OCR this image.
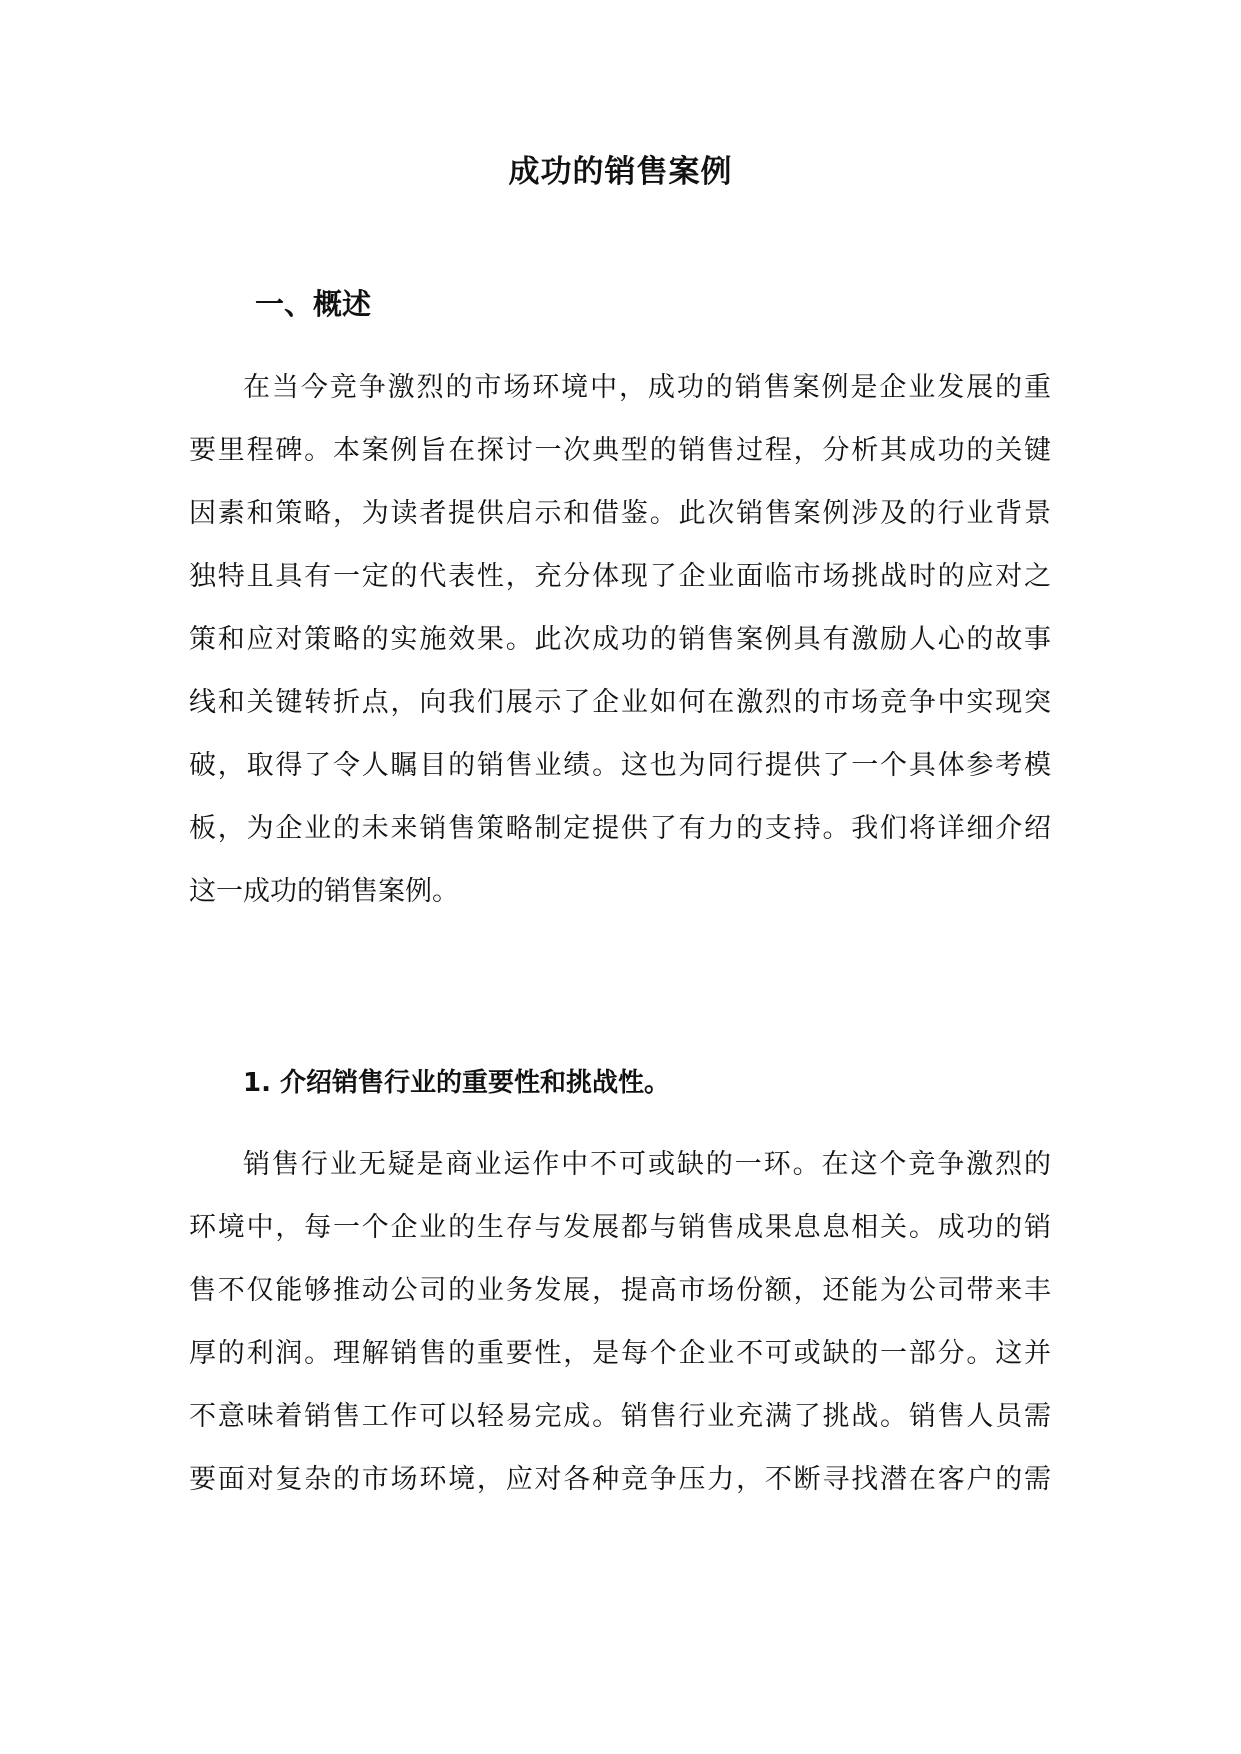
成功的销售案例
一、概述
在当今竞争激烈的市场环境中，成功的销售案例是企业发展的重
要里程碑。本案例旨在探讨一次典型的销售过程，分析其成功的关键
因素和策略，为读者提供启示和借鉴。此次销售案例涉及的行业背景
独特且具有一定的代表性，充分体现了企业面临市场挑战时的应对之
策和应对策略的实施效果。此次成功的销售案例具有激励人心的故事
线和关键转折点，向我们展示了企业如何在激烈的市场竞争中实现突
破，取得了令人瞩目的销售业绩。这也为同行提供了一个具体参考模
板，为企业的未来销售策略制定提供了有力的支持。我们将详细介绍
这一成功的销售案例。
1. 介绍销售行业的重要性和挑战性。
销售行业无疑是商业运作中不可或缺的一环。在这个竞争激烈的
环境中，每一个企业的生存与发展都与销售成果息息相关。成功的销
售不仅能够推动公司的业务发展，提高市场份额，还能为公司带来丰
厚的利润。理解销售的重要性，是每个企业不可或缺的一部分。这并
不意味着销售工作可以轻易完成。销售行业充满了挑战。销售人员需
要面对复杂的市场环境，应对各种竞争压力，不断寻找潜在客户的需
